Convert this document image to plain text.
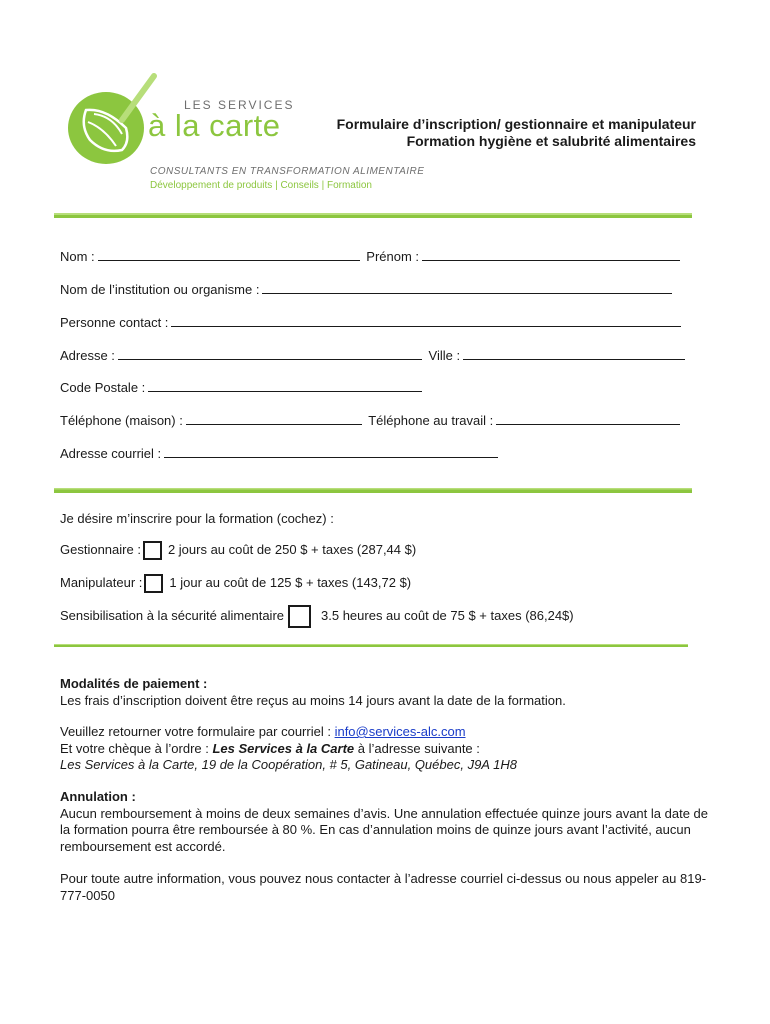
LES SERVICES
à la carte
CONSULTANTS EN TRANSFORMATION ALIMENTAIRE
Développement de produits | Conseils | Formation
Formulaire d’inscription/ gestionnaire et manipulateur
Formation hygiène et salubrité alimentaires
Nom :	Prénom :
Nom de l’institution ou organisme :
Personne contact :
Adresse :	Ville :
Code Postale :
Téléphone (maison) :	Téléphone au travail :
Adresse courriel :
Je désire m’inscrire pour la formation (cochez) :
Gestionnaire : 2 jours au coût de 250 $ + taxes (287,44 $)
Manipulateur : 1 jour au coût de 125 $ + taxes (143,72 $)
Sensibilisation à la sécurité alimentaire	3.5 heures au coût de 75 $ + taxes (86,24$)
Modalités de paiement :
Les frais d’inscription doivent être reçus au moins 14 jours avant la date de la formation.
Veuillez retourner votre formulaire par courriel : info@services-alc.com
Et votre chèque à l’ordre : Les Services à la Carte à l’adresse suivante :
Les Services à la Carte, 19 de la Coopération, # 5, Gatineau, Québec, J9A 1H8
Annulation :
Aucun remboursement à moins de deux semaines d’avis. Une annulation effectuée quinze jours avant la date de la formation pourra être remboursée à 80 %. En cas d’annulation moins de quinze jours avant l’activité, aucun remboursement est accordé.
Pour toute autre information, vous pouvez nous contacter à l’adresse courriel ci-dessus ou nous appeler au 819-777-0050
